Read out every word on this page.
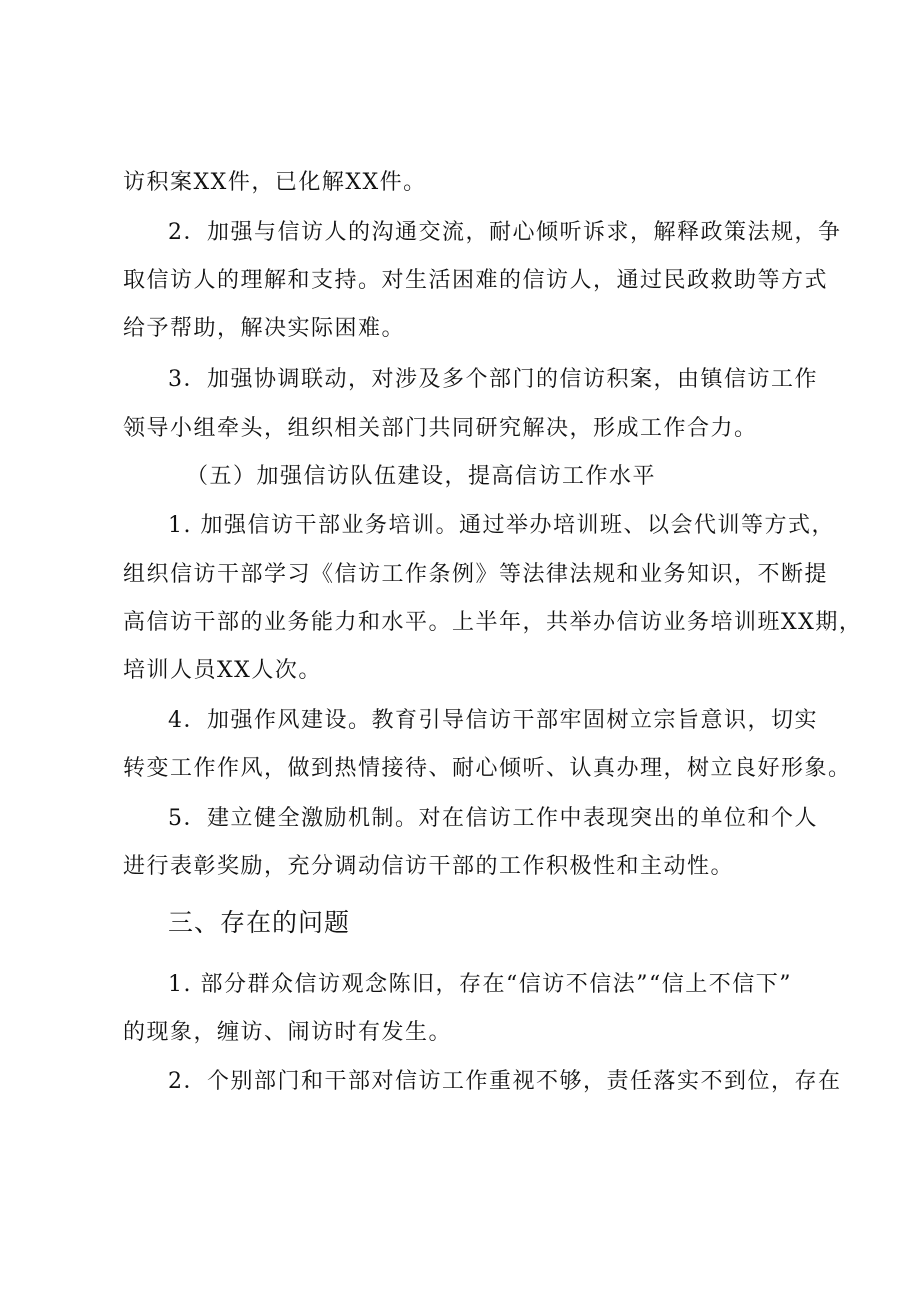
访积案XX件，已化解XX件。
2．加强与信访人的沟通交流，耐心倾听诉求，解释政策法规，争
取信访人的理解和支持。对生活困难的信访人，通过民政救助等方式
给予帮助，解决实际困难。
3．加强协调联动，对涉及多个部门的信访积案，由镇信访工作
领导小组牵头，组织相关部门共同研究解决，形成工作合力。
（五）加强信访队伍建设，提高信访工作水平
1. 加强信访干部业务培训。通过举办培训班、以会代训等方式，
组织信访干部学习《信访工作条例》等法律法规和业务知识，不断提
高信访干部的业务能力和水平。上半年，共举办信访业务培训班XX期，
培训人员XX人次。
4．加强作风建设。教育引导信访干部牢固树立宗旨意识，切实
转变工作作风，做到热情接待、耐心倾听、认真办理，树立良好形象。
5．建立健全激励机制。对在信访工作中表现突出的单位和个人
进行表彰奖励，充分调动信访干部的工作积极性和主动性。
三、存在的问题
1. 部分群众信访观念陈旧，存在“信访不信法”“信上不信下”
的现象，缠访、闹访时有发生。
2．个别部门和干部对信访工作重视不够，责任落实不到位，存在
